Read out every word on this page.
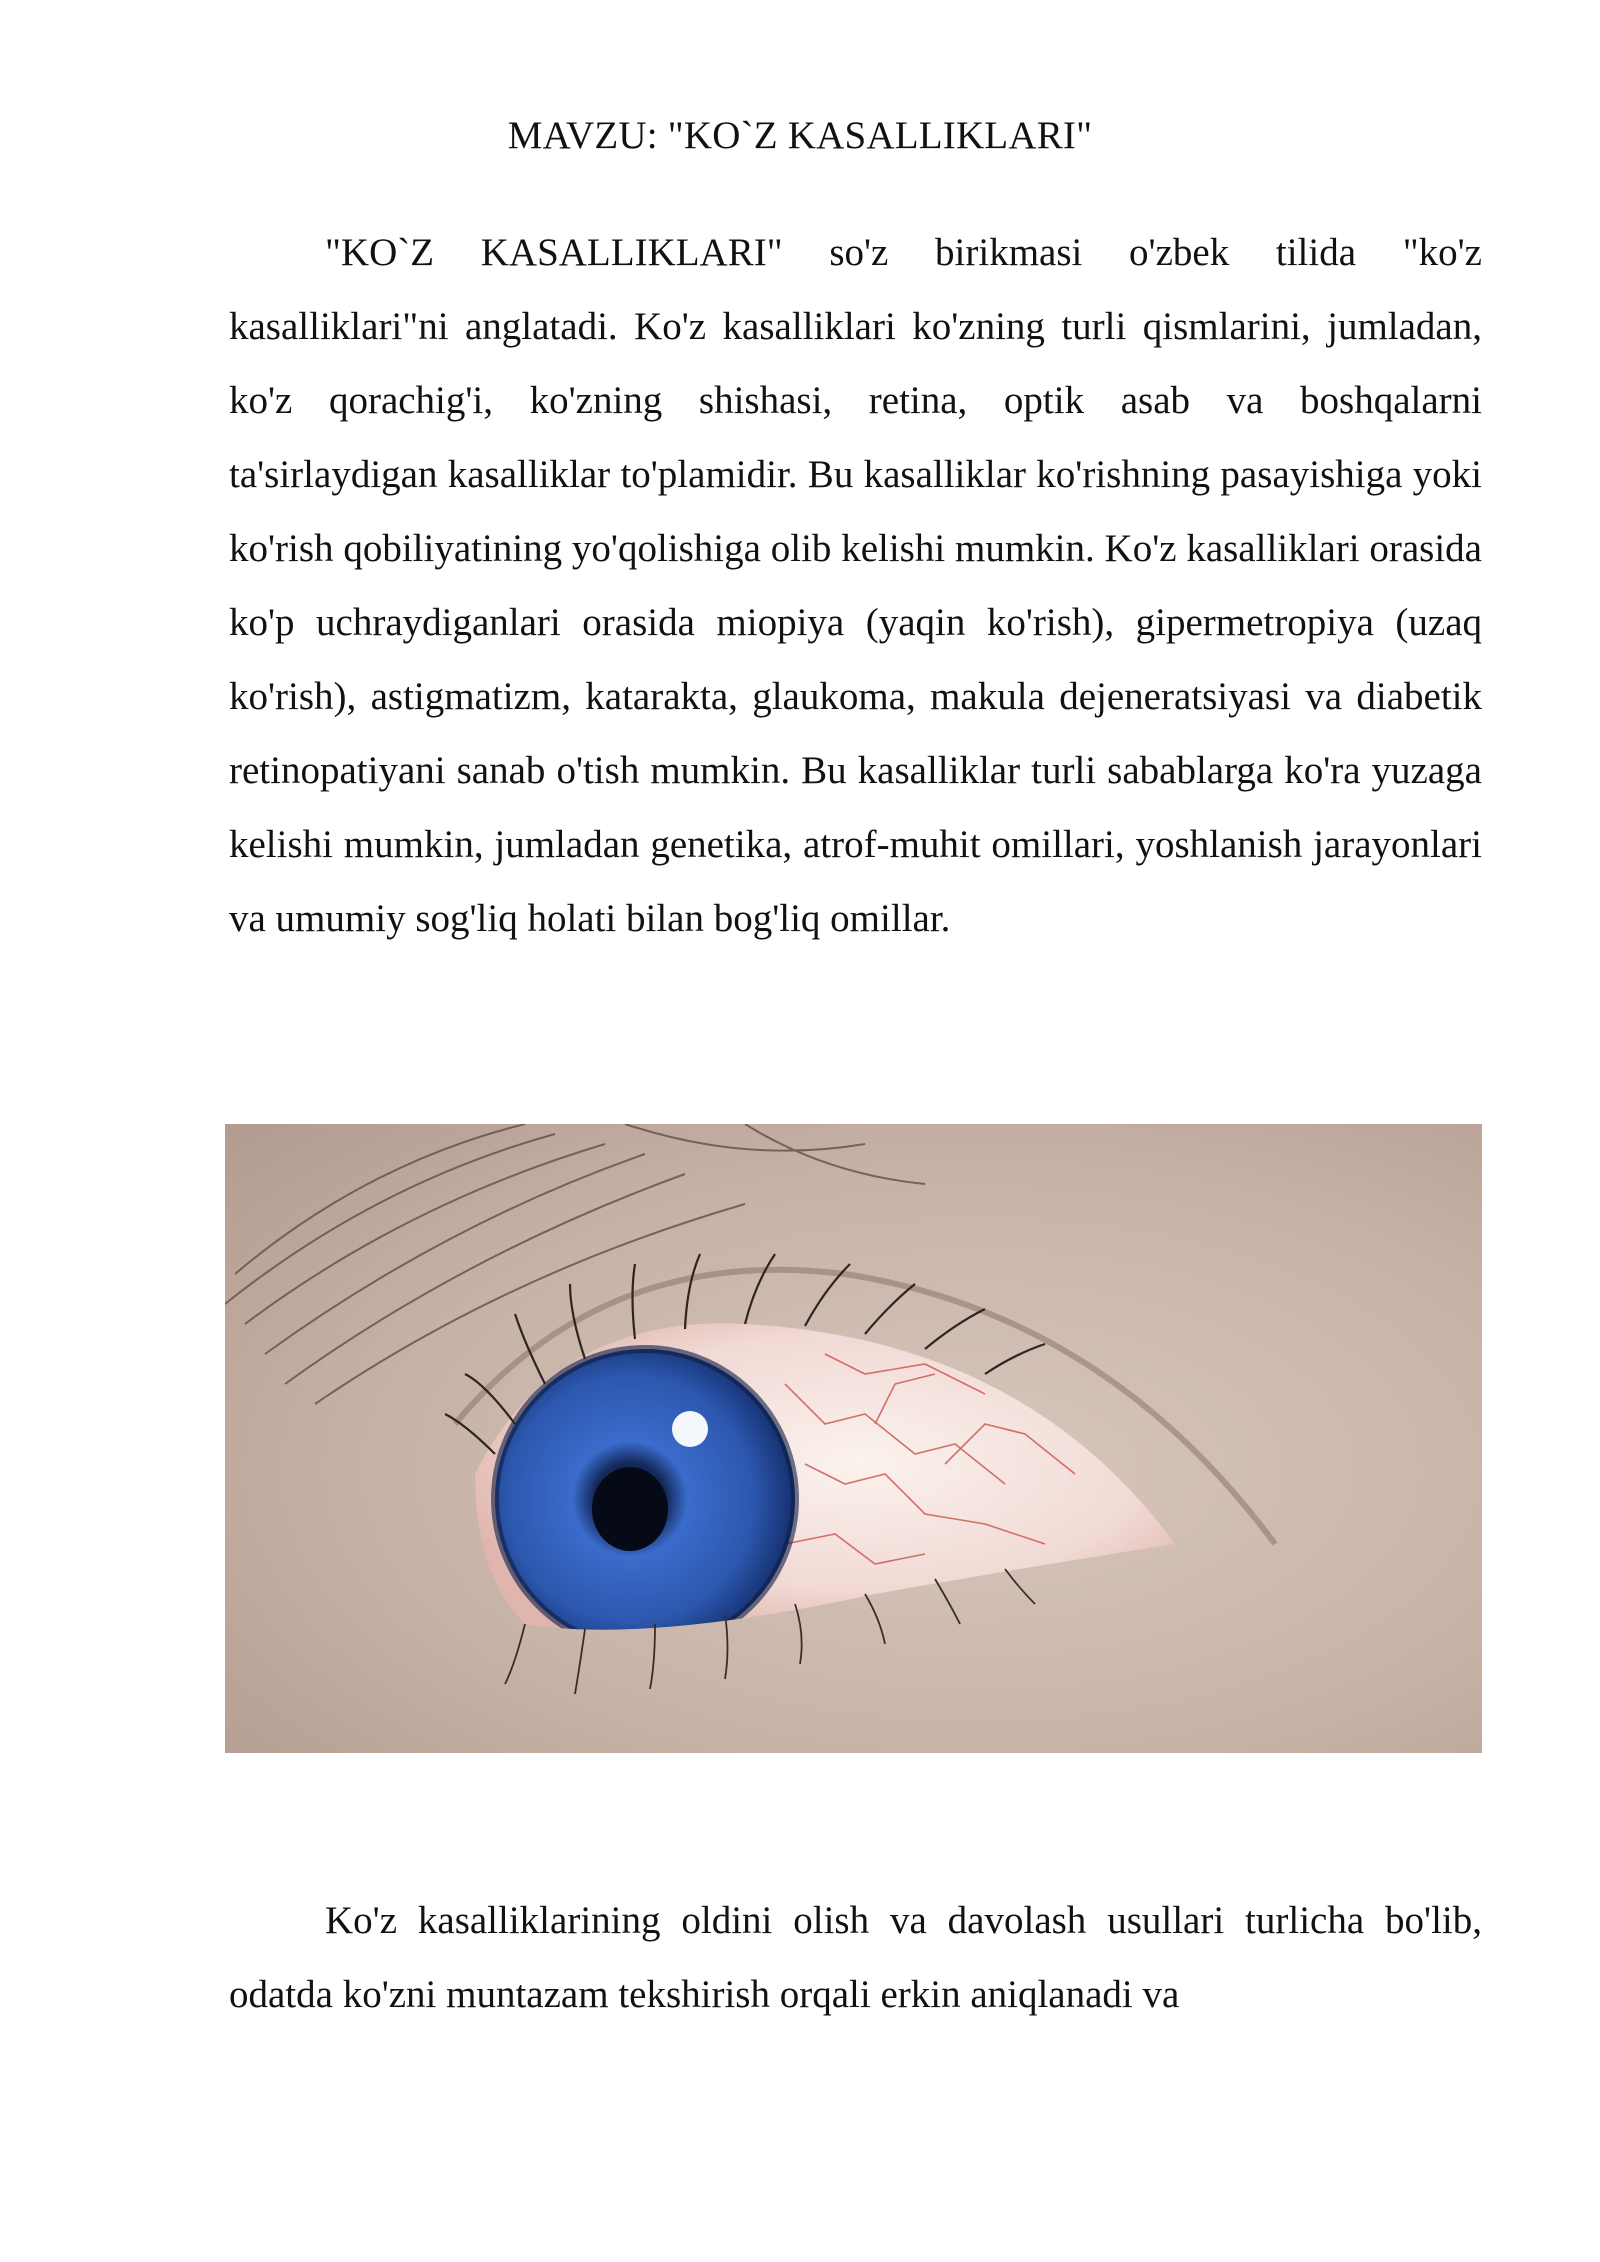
MAVZU: "KO`Z KASALLIKLARI"

"KO`Z KASALLIKLARI" so'z birikmasi o'zbek tilida "ko'z kasalliklari"ni anglatadi. Ko'z kasalliklari ko'zning turli qismlarini, jumladan, ko'z qorachig'i, ko'zning shishasi, retina, optik asab va boshqalarni ta'sirlaydigan kasalliklar to'plamidir. Bu kasalliklar ko'rishning pasayishiga yoki ko'rish qobiliyatining yo'qolishiga olib kelishi mumkin. Ko'z kasalliklari orasida ko'p uchraydiganlari orasida miopiya (yaqin ko'rish), gipermetropiya (uzaq ko'rish), astigmatizm, katarakta, glaukoma, makula dejeneratsiyasi va diabetik retinopatiyani sanab o'tish mumkin. Bu kasalliklar turli sabablarga ko'ra yuzaga kelishi mumkin, jumladan genetika, atrof-muhit omillari, yoshlanish jarayonlari va umumiy sog'liq holati bilan bog'liq omillar.

Ko'z kasalliklarining oldini olish va davolash usullari turlicha bo'lib, odatda ko'zni muntazam tekshirish orqali erkin aniqlanadi va
